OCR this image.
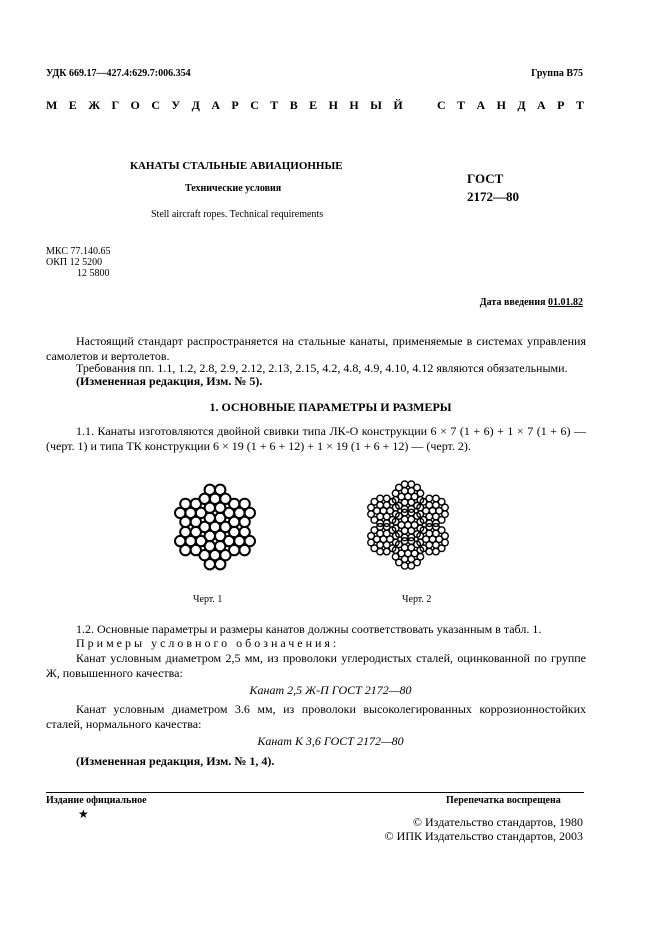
УДК 669.17—427.4:629.7:006.354	Группа В75
М Е Ж Г О С У Д А Р С Т В Е Н Н Ы Й	С Т А Н Д А Р Т
КАНАТЫ СТАЛЬНЫЕ АВИАЦИОННЫЕ
Технические условия
Stell aircraft ropes. Technical requirements
ГОСТ
2172—80
МКС 77.140.65
ОКП 12 5200
12 5800
Дата введения 01.01.82
Настоящий стандарт распространяется на стальные канаты, применяемые в системах управления самолетов и вертолетов.
Требования пп. 1.1, 1.2, 2.8, 2.9, 2.12, 2.13, 2.15, 4.2, 4.8, 4.9, 4.10, 4.12 являются обязательными.
(Измененная редакция, Изм. № 5).
1. ОСНОВНЫЕ ПАРАМЕТРЫ И РАЗМЕРЫ
1.1. Канаты изготовляются двойной свивки типа ЛК-О конструкции 6 × 7 (1 + 6) + 1 × 7 (1 + 6) — (черт. 1) и типа ТК конструкции 6 × 19 (1 + 6 + 12) + 1 × 19 (1 + 6 + 12) — (черт. 2).
Черт. 1	Черт. 2
1.2. Основные параметры и размеры канатов должны соответствовать указанным в табл. 1.
Примеры условного обозначения:
Канат условным диаметром 2,5 мм, из проволоки углеродистых сталей, оцинкованной по группе Ж, повышенного качества:
Канат 2,5 Ж-П ГОСТ 2172—80
Канат условным диаметром 3.6 мм, из проволоки высоколегированных коррозионностойких сталей, нормального качества:
Канат К 3,6 ГОСТ 2172—80
(Измененная редакция, Изм. № 1, 4).
Издание официальное	Перепечатка воспрещена
★
© Издательство стандартов, 1980
© ИПК Издательство стандартов, 2003
